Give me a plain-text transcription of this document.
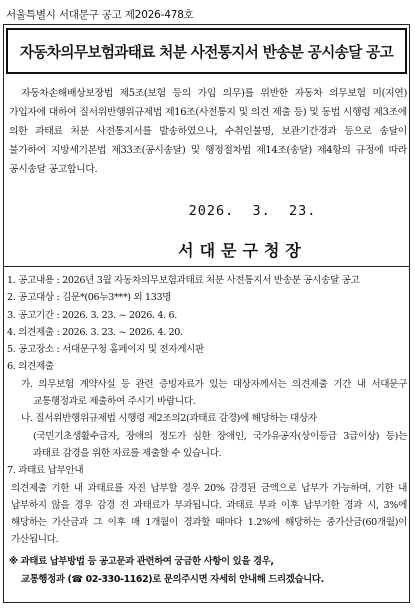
서울특별시 서대문구 공고 제2026-478호
자동차의무보험과태료 처분 사전통지서 반송분 공시송달 공고
자동차손해배상보장법 제5조(보험 등의 가입 의무)를 위반한 자동차 의무보험 미(지연)가입자에 대하여 질서위반행위규제법 제16조(사전통지 및 의견 제출 등) 및 동법 시행령 제3조에 의한 과태료 처분 사전통지서를 발송하였으나, 수취인불명, 보관기간경과 등으로 송달이 불가하여 지방세기본법 제33조(공시송달) 및 행정절차법 제14조(송달) 제4항의 규정에 따라 공시송달 공고합니다.
2026.  3.  23.
서대문구청장
1. 공고내용 : 2026년 3월 자동차의무보험과태료 처분 사전통지서 반송분 공시송달 공고
2. 공고대상 : 김문*(06누3***) 외 133명
3. 공고기간 : 2026. 3. 23. ~ 2026. 4. 6.
4. 의견제출 : 2026. 3. 23. ~ 2026. 4. 20.
5. 공고장소 : 서대문구청 홈페이지 및 전자게시판
6. 의견제출
가. 의무보험 계약사실 등 관련 증빙자료가 있는 대상자께서는 의견제출 기간 내 서대문구 교통행정과로 제출하여 주시기 바랍니다.
나. 질서위반행위규제법 시행령 제2조의2(과태료 감경)에 해당하는 대상자
(국민기초생활수급자, 장애의 정도가 심한 장애인, 국가유공자(상이등급 3급이상) 등)는 과태료 감경을 위한 자료를 제출할 수 있습니다.
7. 과태료 납부안내
의견제출 기한 내 과태료를 자진 납부할 경우 20% 감경된 금액으로 납부가 가능하며, 기한 내 납부하지 않을 경우 감경 전 과태료가 부과됩니다. 과태료 부과 이후 납부기한 경과 시, 3%에 해당하는 가산금과 그 이후 매 1개월이 경과할 때마다 1.2%에 해당하는 중가산금(60개월)이 가산됩니다.
※ 과태료 납부방법 등 공고문과 관련하여 궁금한 사항이 있을 경우,
교통행정과 (☎ 02-330-1162)로 문의주시면 자세히 안내해 드리겠습니다.
